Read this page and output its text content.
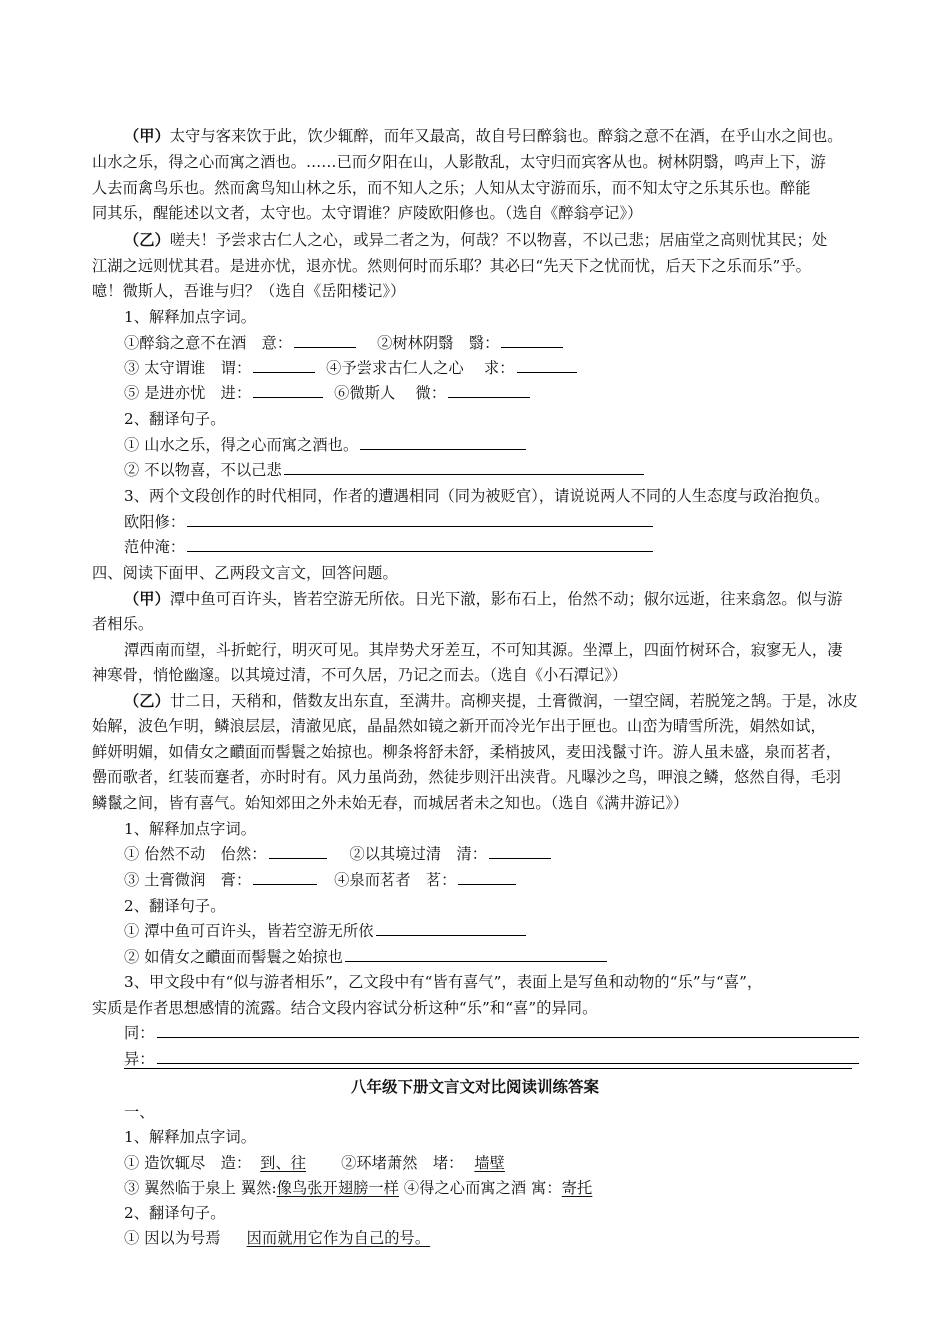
（甲）太守与客来饮于此，饮少辄醉，而年又最高，故自号曰醉翁也。醉翁之意不在酒，在乎山水之间也。
山水之乐，得之心而寓之酒也。……已而夕阳在山，人影散乱，太守归而宾客从也。树林阴翳，鸣声上下，游
人去而禽鸟乐也。然而禽鸟知山林之乐，而不知人之乐；人知从太守游而乐，而不知太守之乐其乐也。醉能
同其乐，醒能述以文者，太守也。太守谓谁？庐陵欧阳修也。（选自《醉翁亭记》）
（乙）嗟夫！予尝求古仁人之心，或异二者之为，何哉？不以物喜，不以己悲；居庙堂之高则忧其民；处
江湖之远则忧其君。是进亦忧，退亦忧。然则何时而乐耶？其必曰“先天下之忧而忧，后天下之乐而乐”乎。
噫！微斯人，吾谁与归？（选自《岳阳楼记》）
1、解释加点字词。
①醉翁之意不在酒　意：	②树林阴翳　翳：
③ 太守谓谁　谓：	④予尝求古仁人之心　 求：
⑤ 是进亦忧　进：	⑥微斯人　 微：
2、翻译句子。
① 山水之乐，得之心而寓之酒也。
② 不以物喜，不以己悲
3、两个文段创作的时代相同，作者的遭遇相同（同为被贬官），请说说两人不同的人生态度与政治抱负。
欧阳修：
范仲淹：
四、阅读下面甲、乙两段文言文，回答问题。
（甲）潭中鱼可百许头，皆若空游无所依。日光下澈，影布石上，佁然不动；俶尔远逝，往来翕忽。似与游
者相乐。
潭西南而望，斗折蛇行，明灭可见。其岸势犬牙差互，不可知其源。坐潭上，四面竹树环合，寂寥无人，凄
神寒骨，悄怆幽邃。以其境过清，不可久居，乃记之而去。（选自《小石潭记》）
（乙）廿二日，天稍和，偕数友出东直，至满井。高柳夹提，土膏微润，一望空阔，若脱笼之鹄。于是，冰皮
始解，波色乍明，鳞浪层层，清澈见底，晶晶然如镜之新开而冷光乍出于匣也。山峦为晴雪所洗，娟然如试，
鲜妍明媚，如倩女之靧面而髻鬟之始掠也。柳条将舒未舒，柔梢披风，麦田浅鬣寸许。游人虽未盛，泉而茗者，
罍而歌者，红装而蹇者，亦时时有。风力虽尚劲，然徒步则汗出浃背。凡曝沙之鸟，呷浪之鳞，悠然自得，毛羽
鳞鬣之间，皆有喜气。始知郊田之外未始无春，而城居者未之知也。（选自《满井游记》）
1、解释加点字词。
① 佁然不动　佁然：	②以其境过清　清：
③ 土膏微润　膏：	④泉而茗者　茗：
2、翻译句子。
① 潭中鱼可百许头，皆若空游无所依
② 如倩女之靧面而髻鬟之始掠也
3、甲文段中有“似与游者相乐”，乙文段中有“皆有喜气”，表面上是写鱼和动物的“乐”与“喜”，
实质是作者思想感情的流露。结合文段内容试分析这种“乐”和“喜”的异同。
同：
异：
八年级下册文言文对比阅读训练答案
一、
1、解释加点字词。
① 造饮辄尽　造： 到、往 ②环堵萧然　堵： 墙壁
③ 翼然临于泉上 翼然:像鸟张开翅膀一样 ④得之心而寓之酒 寓：寄托
2、翻译句子。
① 因以为号焉 因而就用它作为自己的号。
